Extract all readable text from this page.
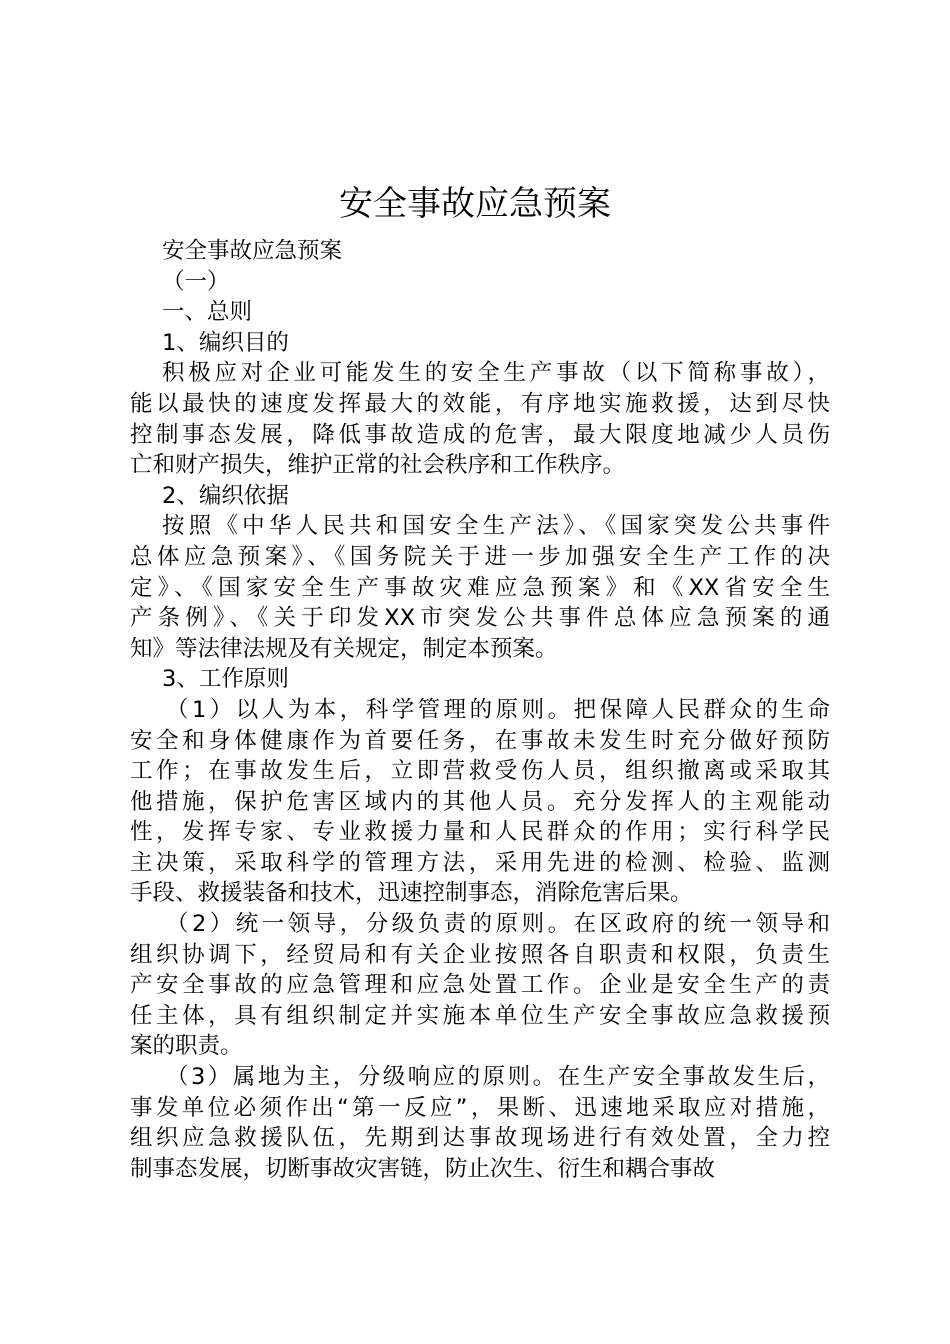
安全事故应急预案
安全事故应急预案
（一）
一、总则
1、编织目的
积极应对企业可能发生的安全生产事故（以下简称事故），
能以最快的速度发挥最大的效能，有序地实施救援，达到尽快
控制事态发展，降低事故造成的危害，最大限度地减少人员伤
亡和财产损失，维护正常的社会秩序和工作秩序。
2、编织依据
按照《中华人民共和国安全生产法》、《国家突发公共事件
总体应急预案》、《国务院关于进一步加强安全生产工作的决
定》、《国家安全生产事故灾难应急预案》和《XX省安全生
产条例》、《关于印发XX市突发公共事件总体应急预案的通
知》等法律法规及有关规定，制定本预案。
3、工作原则
（1）以人为本，科学管理的原则。把保障人民群众的生命
安全和身体健康作为首要任务，在事故未发生时充分做好预防
工作；在事故发生后，立即营救受伤人员，组织撤离或采取其
他措施，保护危害区域内的其他人员。充分发挥人的主观能动
性，发挥专家、专业救援力量和人民群众的作用；实行科学民
主决策，采取科学的管理方法，采用先进的检测、检验、监测
手段、救援装备和技术，迅速控制事态，消除危害后果。
（2）统一领导，分级负责的原则。在区政府的统一领导和
组织协调下，经贸局和有关企业按照各自职责和权限，负责生
产安全事故的应急管理和应急处置工作。企业是安全生产的责
任主体，具有组织制定并实施本单位生产安全事故应急救援预
案的职责。
（3）属地为主，分级响应的原则。在生产安全事故发生后，
事发单位必须作出“第一反应”，果断、迅速地采取应对措施，
组织应急救援队伍，先期到达事故现场进行有效处置，全力控
制事态发展，切断事故灾害链，防止次生、衍生和耦合事故
